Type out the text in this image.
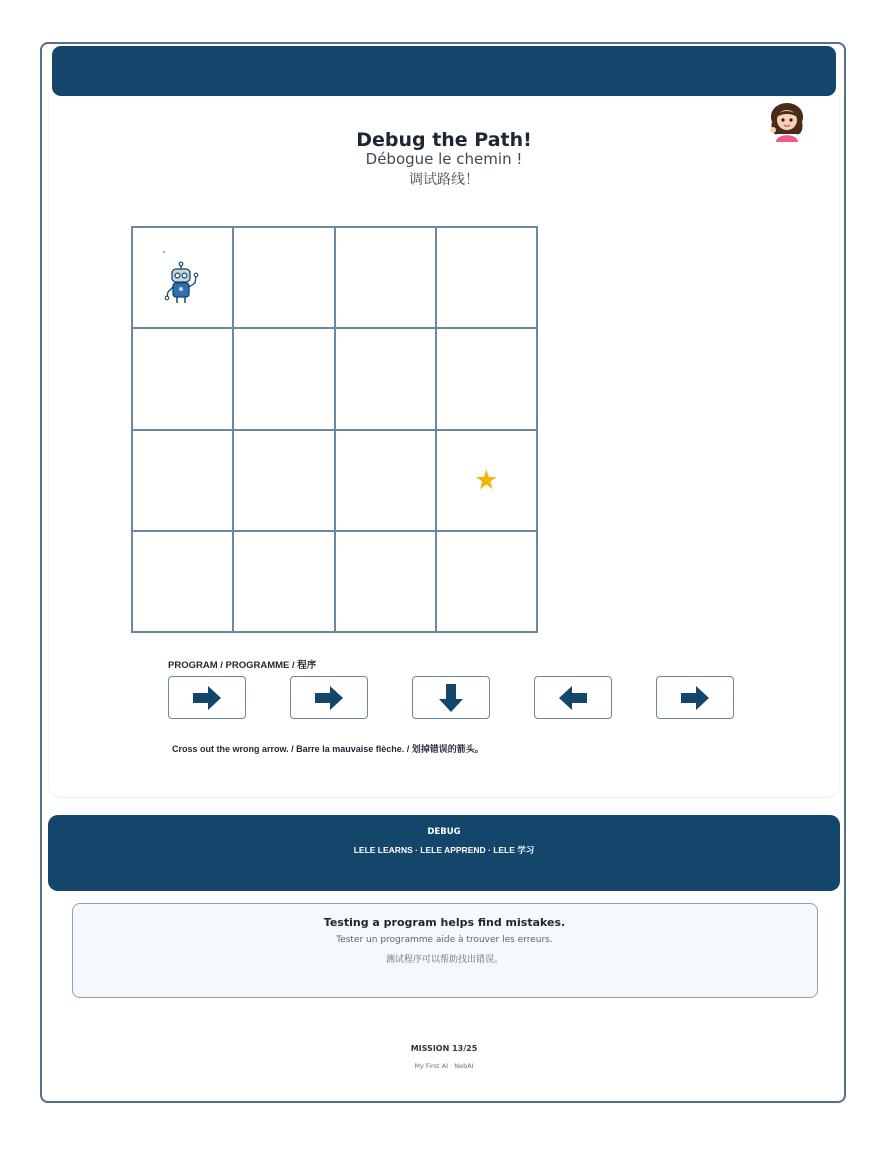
Debug the Path!
Débogue le chemin !
调试路线！
★
PROGRAM / PROGRAMME / 程序
Cross out the wrong arrow. / Barre la mauvaise flèche. / 划掉错误的箭头。
DEBUG
LELE LEARNS · LELE APPREND · LELE 学习
Testing a program helps find mistakes.
Tester un programme aide à trouver les erreurs.
测试程序可以帮助找出错误。
MISSION 13/25
My First AI · NebAI
